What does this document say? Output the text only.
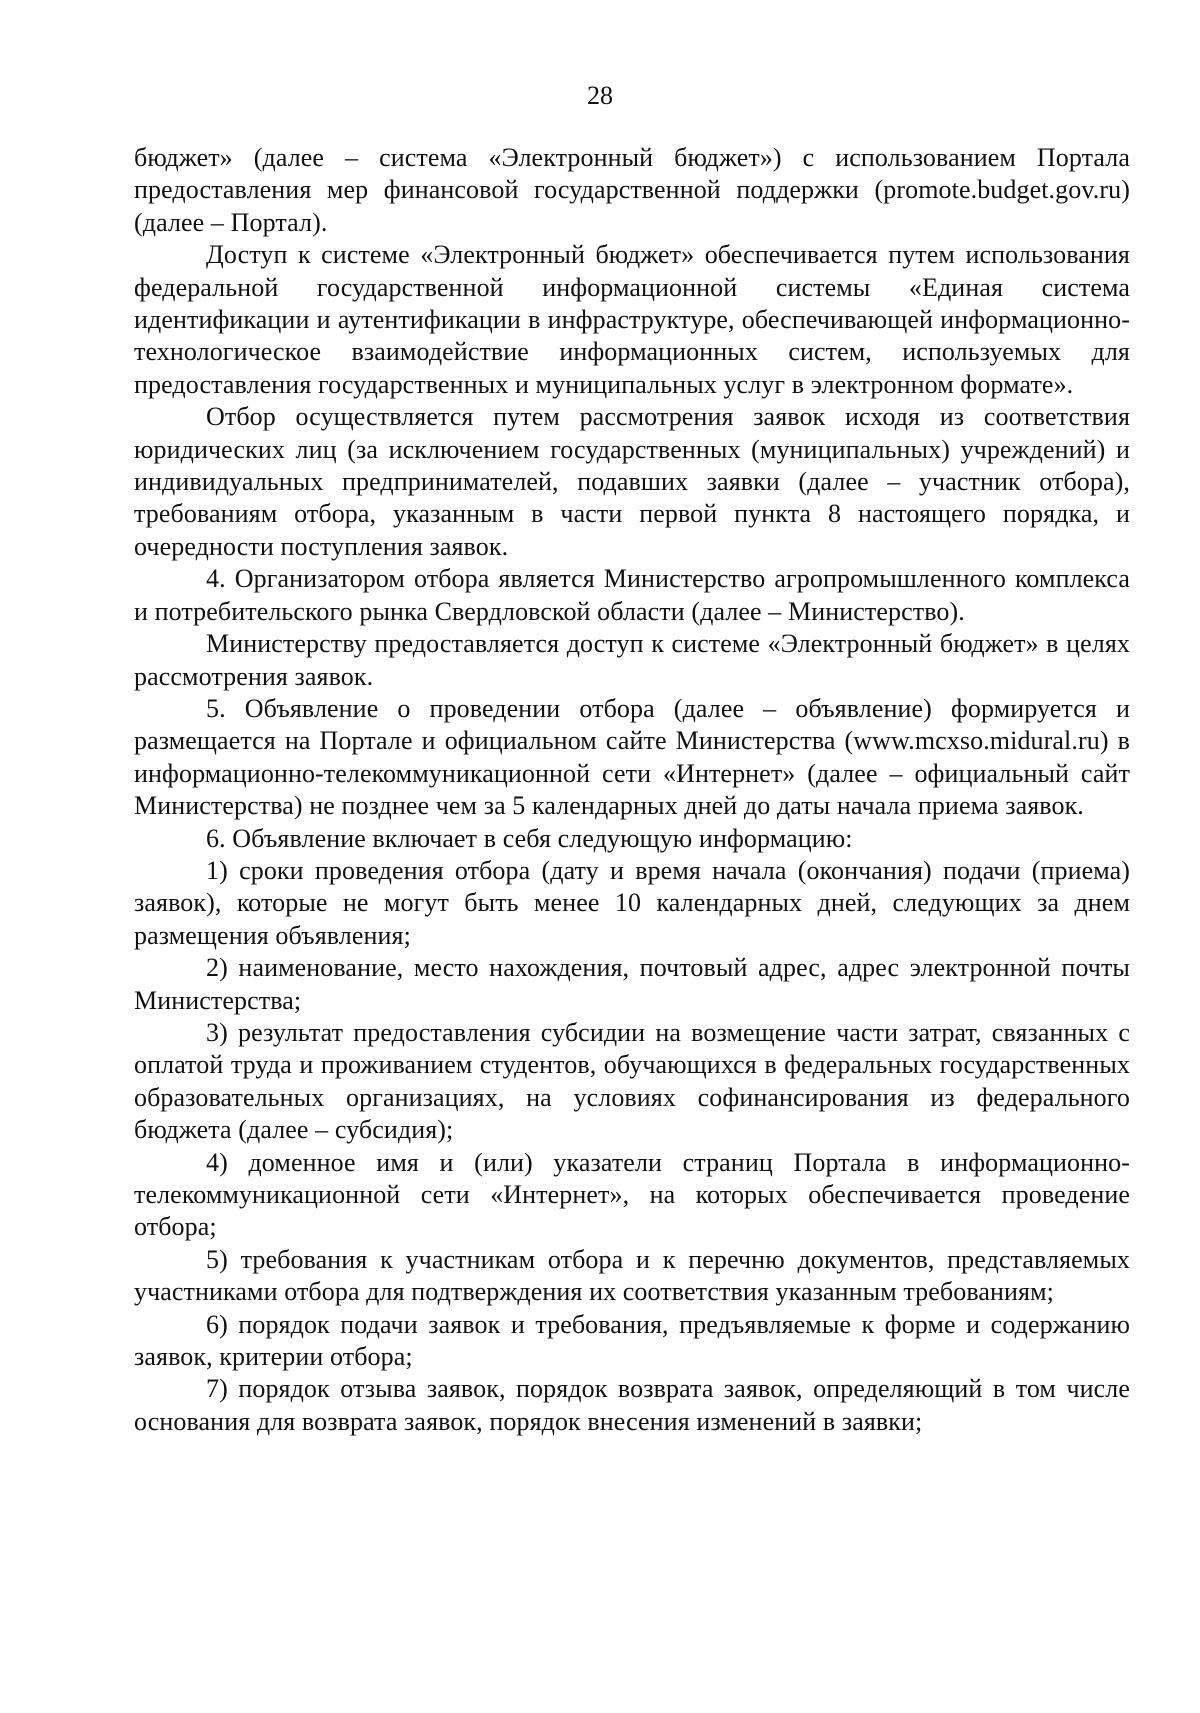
28

бюджет» (далее – система «Электронный бюджет») с использованием Портала предоставления мер финансовой государственной поддержки (promote.budget.gov.ru) (далее – Портал).

Доступ к системе «Электронный бюджет» обеспечивается путем использования федеральной государственной информационной системы «Единая система идентификации и аутентификации в инфраструктуре, обеспечивающей информационно-технологическое взаимодействие информационных систем, используемых для предоставления государственных и муниципальных услуг в электронном формате».

Отбор осуществляется путем рассмотрения заявок исходя из соответствия юридических лиц (за исключением государственных (муниципальных) учреждений) и индивидуальных предпринимателей, подавших заявки (далее – участник отбора), требованиям отбора, указанным в части первой пункта 8 настоящего порядка, и очередности поступления заявок.

4. Организатором отбора является Министерство агропромышленного комплекса и потребительского рынка Свердловской области (далее – Министерство).

Министерству предоставляется доступ к системе «Электронный бюджет» в целях рассмотрения заявок.

5. Объявление о проведении отбора (далее – объявление) формируется и размещается на Портале и официальном сайте Министерства (www.mcxso.midural.ru) в информационно-телекоммуникационной сети «Интернет» (далее – официальный сайт Министерства) не позднее чем за 5 календарных дней до даты начала приема заявок.

6. Объявление включает в себя следующую информацию:

1) сроки проведения отбора (дату и время начала (окончания) подачи (приема) заявок), которые не могут быть менее 10 календарных дней, следующих за днем размещения объявления;

2) наименование, место нахождения, почтовый адрес, адрес электронной почты Министерства;

3) результат предоставления субсидии на возмещение части затрат, связанных с оплатой труда и проживанием студентов, обучающихся в федеральных государственных образовательных организациях, на условиях софинансирования из федерального бюджета (далее – субсидия);

4) доменное имя и (или) указатели страниц Портала в информационно-телекоммуникационной сети «Интернет», на которых обеспечивается проведение отбора;

5) требования к участникам отбора и к перечню документов, представляемых участниками отбора для подтверждения их соответствия указанным требованиям;

6) порядок подачи заявок и требования, предъявляемые к форме и содержанию заявок, критерии отбора;

7) порядок отзыва заявок, порядок возврата заявок, определяющий в том числе основания для возврата заявок, порядок внесения изменений в заявки;
